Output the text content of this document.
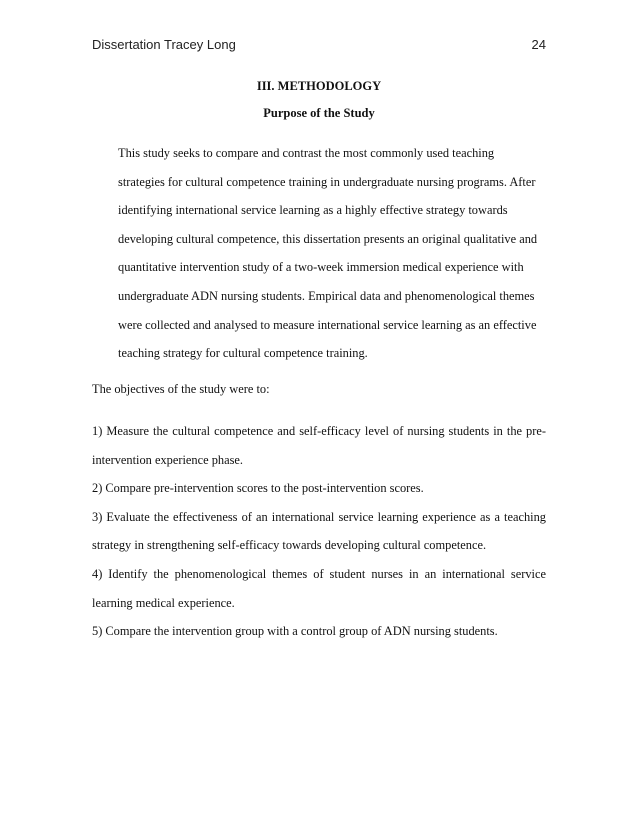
Dissertation Tracey Long	24
III. METHODOLOGY
Purpose of the Study
This study seeks to compare and contrast the most commonly used teaching
strategies for cultural competence training in undergraduate nursing programs. After
identifying international service learning as a highly effective strategy towards
developing cultural competence, this dissertation presents an original qualitative and
quantitative intervention study of a two-week immersion medical experience with
undergraduate ADN nursing students. Empirical data and phenomenological themes
were collected and analysed to measure international service learning as an effective
teaching strategy for cultural competence training.
The objectives of the study were to:
1) Measure the cultural competence and self-efficacy level of nursing students in the pre-intervention experience phase.
2) Compare pre-intervention scores to the post-intervention scores.
3) Evaluate the effectiveness of an international service learning experience as a teaching strategy in strengthening self-efficacy towards developing cultural competence.
4) Identify the phenomenological themes of student nurses in an international service learning medical experience.
5) Compare the intervention group with a control group of ADN nursing students.
